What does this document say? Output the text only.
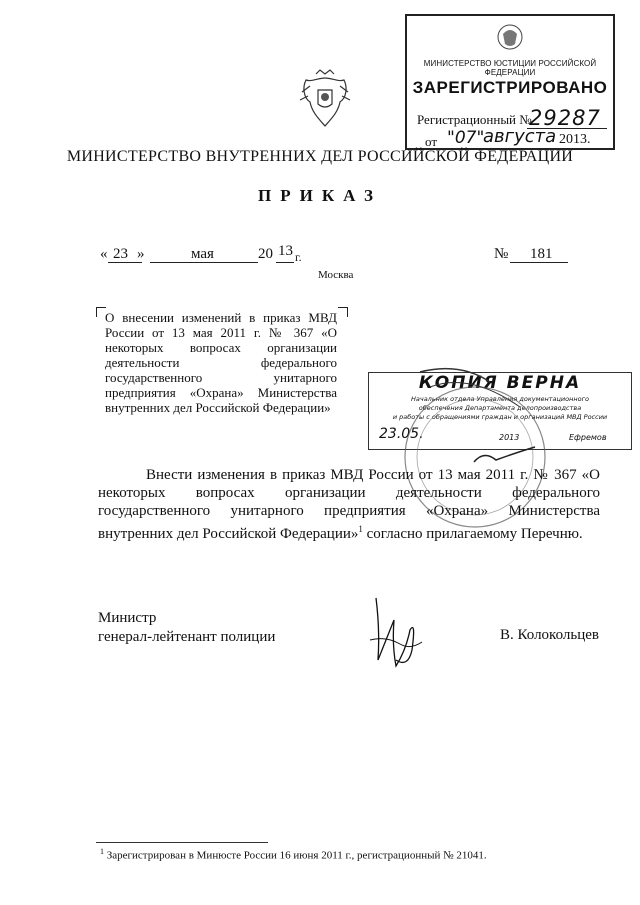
МИНИСТЕРСТВО ЮСТИЦИИ РОССИЙСКОЙ ФЕДЕРАЦИИ
ЗАРЕГИСТРИРОВАНО
Регистрационный №
29287
от "07"
августа 2013.
МИНИСТЕРСТВО ВНУТРЕННИХ ДЕЛ РОССИЙСКОЙ ФЕДЕРАЦИИ
ПРИКАЗ
« 23 »	мая	20 13 г.
Москва
№ 181
О внесении изменений в приказ МВД России от 13 мая 2011 г. № 367 «О некоторых вопросах организации деятельности федерального государственного унитарного предприятия «Охрана» Министерства внутренних дел Российской Федерации»
КОПИЯ ВЕРНА
Начальник отдела Управления документационного
обеспечения Департамента делопроизводства
и работы с обращениями граждан и организаций МВД России
23.05.	2013	Ефремов
Внести изменения в приказ МВД России от 13 мая 2011 г. № 367 «О некоторых вопросах организации деятельности федерального государственного унитарного предприятия «Охрана» Министерства внутренних дел Российской Федерации»$^1$ согласно прилагаемому Перечню.
Министр
генерал-лейтенант полиции	В. Колокольцев
$^1$ Зарегистрирован в Минюсте России 16 июня 2011 г., регистрационный № 21041.
